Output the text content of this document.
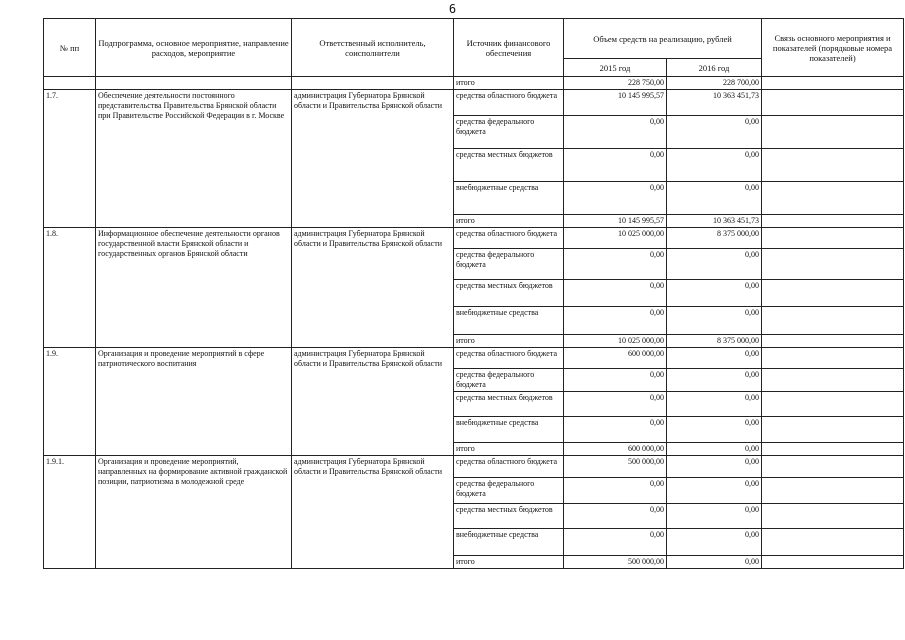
6
№ пп	Подпрограмма, основное мероприятие, направление расходов, мероприятие	Ответственный исполнитель, соисполнители	Источник финансового обеспечения	Объем средств на реализацию, рублей		Связь основного мероприятия и показателей (порядковые номера показателей)
				2015 год	2016 год	
			итого	228 750,00	228 700,00	
1.7.	Обеспечение деятельности постоянного представительства Правительства Брянской области при Правительстве Российской Федерации в г. Москве	администрация Губернатора Брянской области и Правительства Брянской области	средства областного бюджета	10 145 995,57	10 363 451,73	
			средства федерального бюджета	0,00	0,00	
			средства местных бюджетов	0,00	0,00	
			внебюджетные средства	0,00	0,00	
			итого	10 145 995,57	10 363 451,73	
1.8.	Информационное обеспечение деятельности органов государственной власти Брянской области и государственных органов Брянской области	администрация Губернатора Брянской области и Правительства Брянской области	средства областного бюджета	10 025 000,00	8 375 000,00	
			средства федерального бюджета	0,00	0,00	
			средства местных бюджетов	0,00	0,00	
			внебюджетные средства	0,00	0,00	
			итого	10 025 000,00	8 375 000,00	
1.9.	Организация и проведение мероприятий в сфере патриотического воспитания	администрация Губернатора Брянской области и Правительства Брянской области	средства областного бюджета	600 000,00	0,00	
			средства федерального бюджета	0,00	0,00	
			средства местных бюджетов	0,00	0,00	
			внебюджетные средства	0,00	0,00	
			итого	600 000,00	0,00	
1.9.1.	Организация и проведение мероприятий, направленных на формирование активной гражданской позиции, патриотизма в молодежной среде	администрация Губернатора Брянской области и Правительства Брянской области	средства областного бюджета	500 000,00	0,00	
			средства федерального бюджета	0,00	0,00	
			средства местных бюджетов	0,00	0,00	
			внебюджетные средства	0,00	0,00	
			итого	500 000,00	0,00	
